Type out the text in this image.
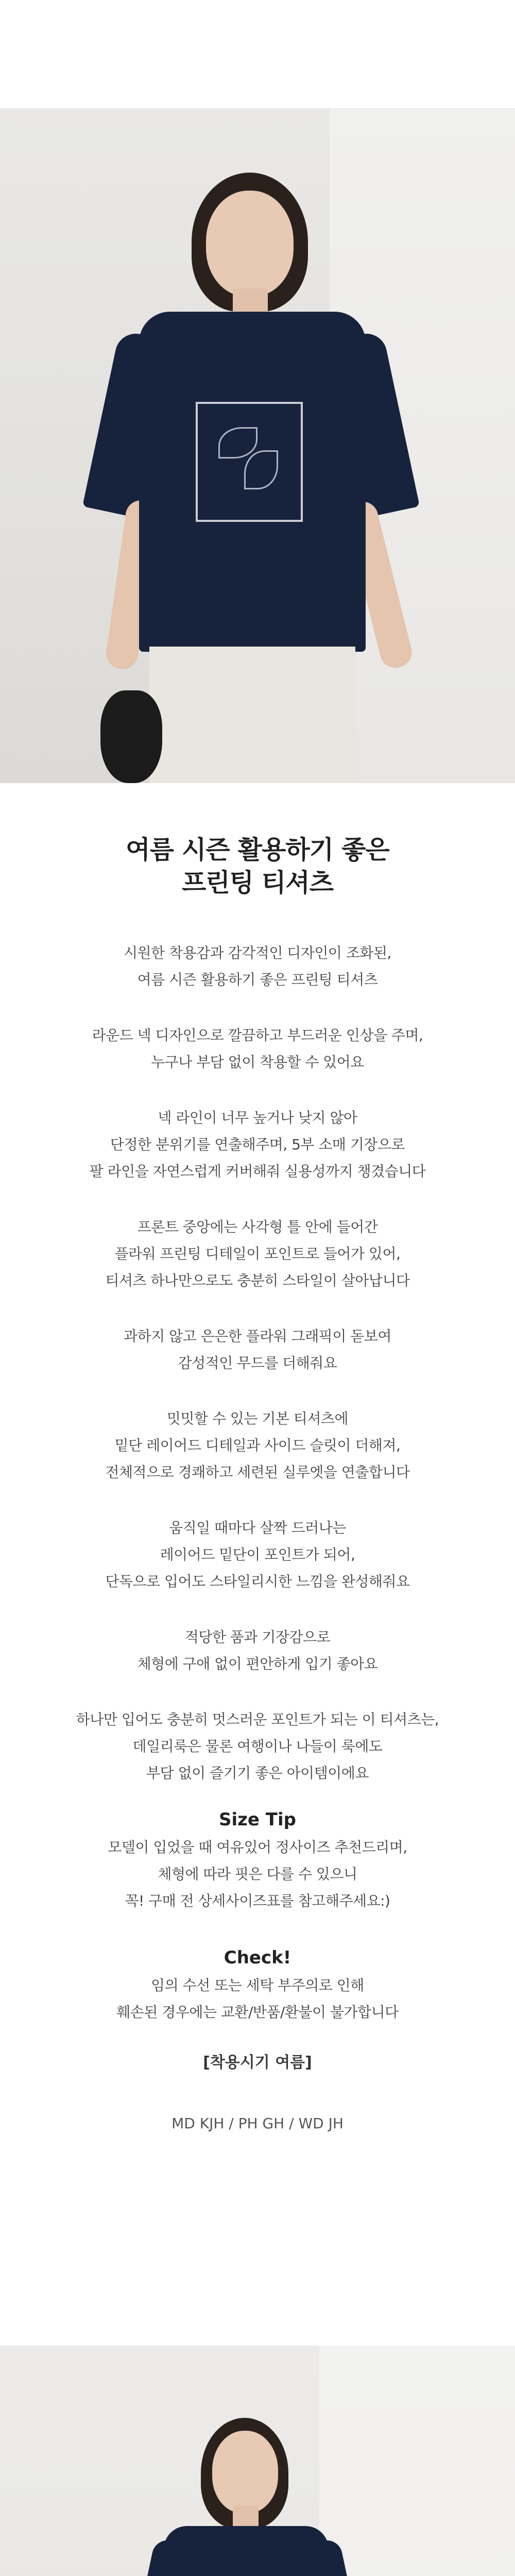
여름 시즌 활용하기 좋은
프린팅 티셔츠
시원한 착용감과 감각적인 디자인이 조화된,
여름 시즌 활용하기 좋은 프린팅 티셔츠
라운드 넥 디자인으로 깔끔하고 부드러운 인상을 주며,
누구나 부담 없이 착용할 수 있어요
넥 라인이 너무 높거나 낮지 않아
단정한 분위기를 연출해주며, 5부 소매 기장으로
팔 라인을 자연스럽게 커버해줘 실용성까지 챙겼습니다
프론트 중앙에는 사각형 틀 안에 들어간
플라워 프린팅 디테일이 포인트로 들어가 있어,
티셔츠 하나만으로도 충분히 스타일이 살아납니다
과하지 않고 은은한 플라워 그래픽이 돋보여
감성적인 무드를 더해줘요
밋밋할 수 있는 기본 티셔츠에
밑단 레이어드 디테일과 사이드 슬릿이 더해져,
전체적으로 경쾌하고 세련된 실루엣을 연출합니다
움직일 때마다 살짝 드러나는
레이어드 밑단이 포인트가 되어,
단독으로 입어도 스타일리시한 느낌을 완성해줘요
적당한 품과 기장감으로
체형에 구애 없이 편안하게 입기 좋아요
하나만 입어도 충분히 멋스러운 포인트가 되는 이 티셔츠는,
데일리룩은 물론 여행이나 나들이 룩에도
부담 없이 즐기기 좋은 아이템이에요
Size Tip
모델이 입었을 때 여유있어 정사이즈 추천드리며,
체형에 따라 핏은 다를 수 있으니
꼭! 구매 전 상세사이즈표를 참고해주세요:)
Check!
임의 수선 또는 세탁 부주의로 인해
훼손된 경우에는 교환/반품/환불이 불가합니다
[착용시기 여름]
MD KJH / PH GH / WD JH
